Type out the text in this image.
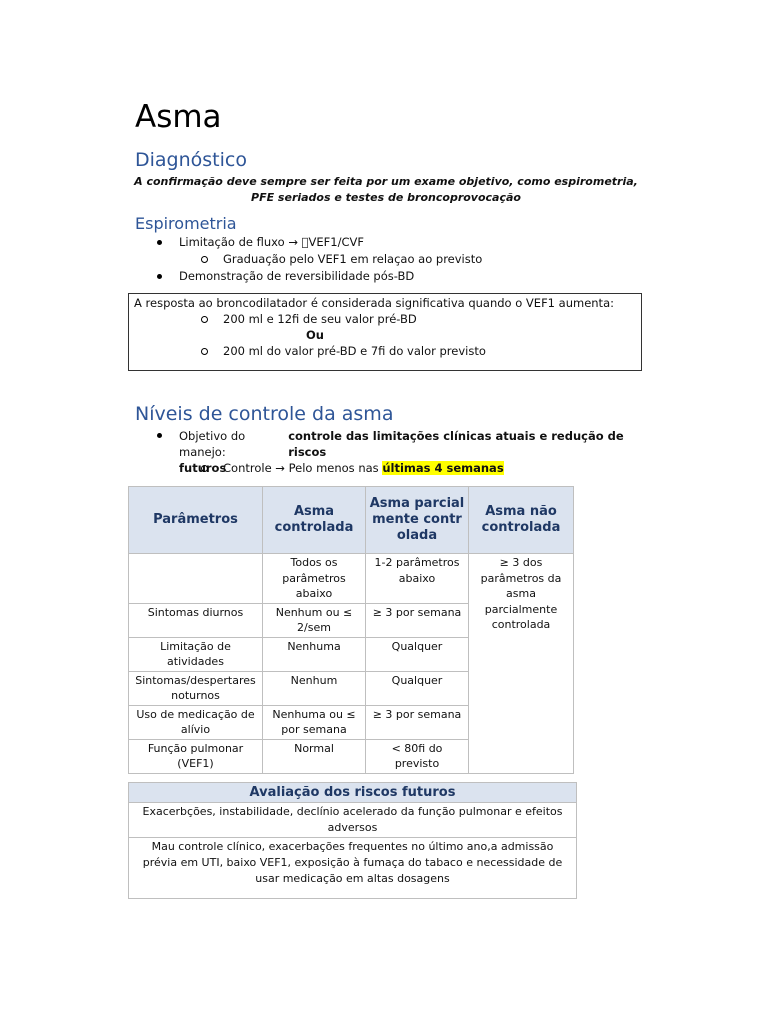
Asma
Diagnóstico
A confirmação deve sempre ser feita por um exame objetivo, como espirometria, PFE seriados e testes de broncoprovocação
Espirometria
Limitação de fluxo →  VEF1/CVF
Graduação pelo VEF1 em relaçao ao previsto
Demonstração de reversibilidade pós-BD
A resposta ao broncodilatador é considerada significativa quando o VEF1 aumenta:
200 ml e 12ﬁ de seu valor pré-BD
Ou
200 ml do valor pré-BD e 7ﬁ do valor previsto
Níveis de controle da asma
Objetivo do manejo:
controle das limitações clínicas atuais e redução de riscos
futuros
Controle → Pelo menos nas últimas 4 semanas
Parâmetros	Asma controlada	Asma parcialmente controlada	Asma não controlada
	Todos os parâmetros abaixo	1-2 parâmetros abaixo	≥ 3 dos parâmetros da asma parcialmente controlada
Sintomas diurnos	Nenhum ou ≤ 2/sem	≥ 3 por semana	
Limitação de atividades	Nenhuma	Qualquer	
Sintomas/despertares noturnos	Nenhum	Qualquer	
Uso de medicação de alívio	Nenhuma ou ≤ por semana	≥ 3 por semana	
Função pulmonar (VEF1)	Normal	< 80ﬁ do previsto	
Avaliação dos riscos futuros
Exacerbções, instabilidade, declínio acelerado da função pulmonar e efeitos adversos
Mau controle clínico, exacerbações frequentes no último ano,a admissão prévia em UTI, baixo VEF1, exposição à fumaça do tabaco e necessidade de usar medicação em altas dosagens
